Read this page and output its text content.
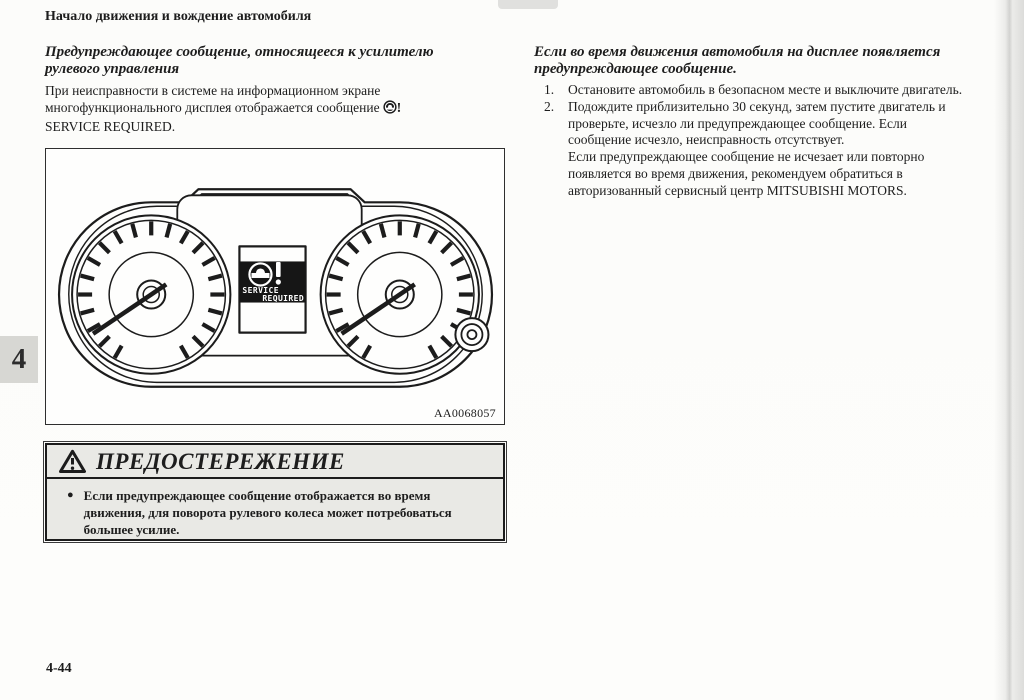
Начало движения и вождение автомобиля

Предупреждающее сообщение, относящееся к усилителю рулевого управления

При неисправности в системе на информационном экране
многофункционального дисплея отображается сообщение !
SERVICE REQUIRED.
SERVICE
REQUIRED
AA0068057
ПРЕДОСТЕРЕЖЕНИЕ
● Если предупреждающее сообщение отображается во время движения, для поворота рулевого колеса может потребоваться большее усилие.

Если во время движения автомобиля на дисплее появляется предупреждающее сообщение.

1.	Остановите автомобиль в безопасном месте и выключите двигатель.

2.	Подождите приблизительно 30 секунд, затем пустите двигатель и проверьте, исчезло ли предупреждающее сообщение. Если сообщение исчезло, неисправность отсутствует.

Если предупреждающее сообщение не исчезает или повторно появляется во время движения, рекомендуем обратиться в авторизованный сервисный центр MITSUBISHI MOTORS.

4
4-44
